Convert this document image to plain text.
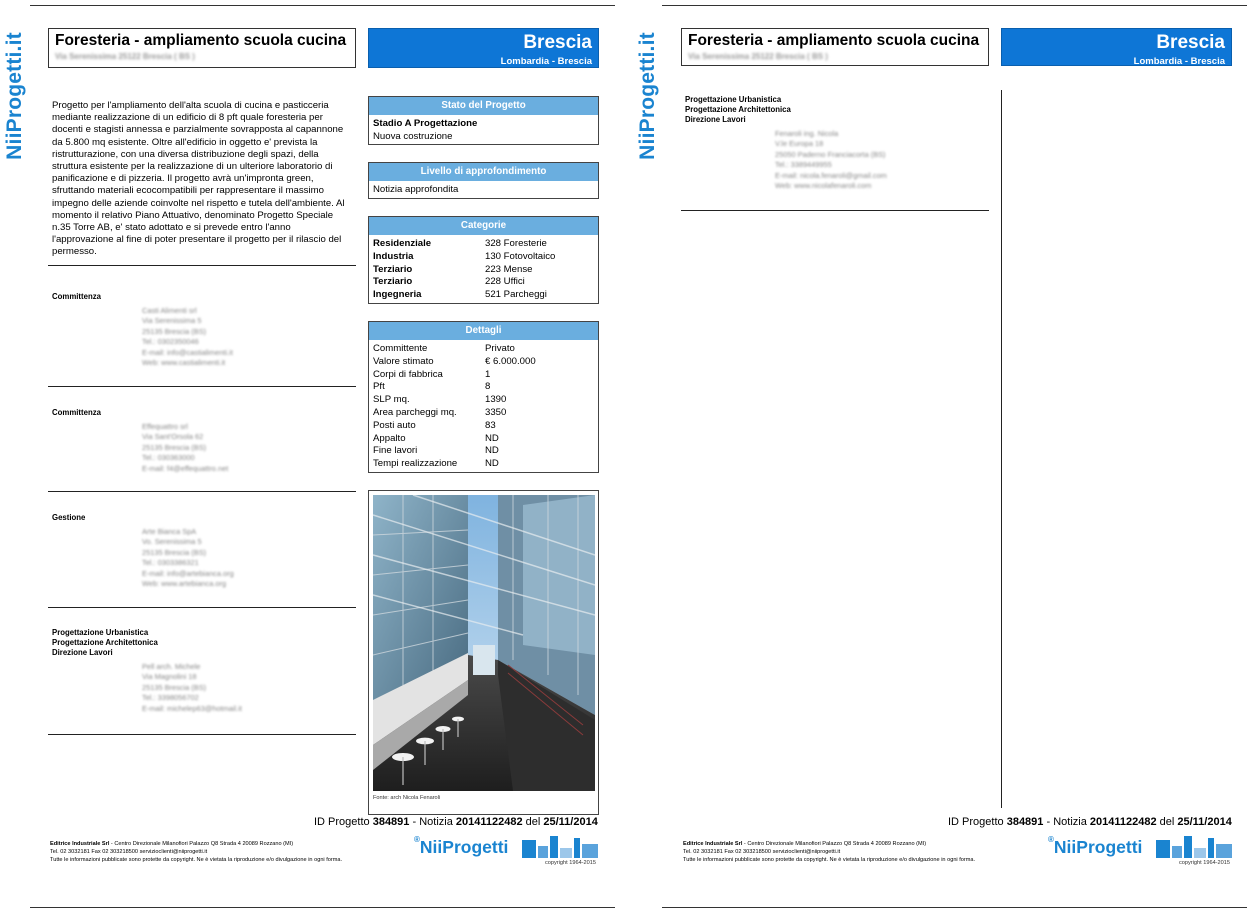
NiiProgetti.it Foresteria - ampliamento scuola cucina
Via Serenissima 25122 Brescia ( BS )
Brescia
Lombardia - Brescia
Progetto per l'ampliamento dell'alta scuola di cucina e pasticceria mediante realizzazione di un edificio di 8 pft quale foresteria per docenti e stagisti annessa e parzialmente sovrapposta al capannone da 5.800 mq esistente. Oltre all'edificio in oggetto e' prevista la ristrutturazione, con una diversa distribuzione degli spazi, della struttura esistente per la realizzazione di un ulteriore laboratorio di panificazione e di pizzeria. Il progetto avrà un'impronta green, sfruttando materiali ecocompatibili per rappresentare il massimo impegno delle aziende coinvolte nel rispetto e tutela dell'ambiente. Al momento il relativo Piano Attuativo, denominato Progetto Speciale n.35 Torre AB, e' stato adottato e si prevede entro l'anno l'approvazione al fine di poter presentare il progetto per il rilascio del permesso.
Committenza
Casti Alimenti srl
Via Serenissima 5
25135 Brescia (BS)
Tel.: 0302350046
E-mail: info@castialimenti.it
Web: www.castialimenti.it
Committenza
Effequattro srl
Via Sant'Orsola 62
25135 Brescia (BS)
Tel.: 030363000
E-mail: f4@effequattro.net
Gestione
Arte Bianca SpA
Vo. Serenissima 5
25135 Brescia (BS)
Tel.: 0303386321
E-mail: info@artebianca.org
Web: www.artebianca.org
Progettazione Urbanistica
Progettazione Architettonica
Direzione Lavori
Pell arch. Michele
Via Magnolini 18
25135 Brescia (BS)
Tel.: 3398056702
E-mail: michelep63@hotmail.it
Stato del Progetto
Stadio A Progettazione
Nuova costruzione
Livello di approfondimento
Notizia approfondita
Categorie
Residenziale	328 Foresterie
Industria	130 Fotovoltaico
Terziario	223 Mense
Terziario	228 Uffici
Ingegneria	521 Parcheggi
Dettagli
Committente	Privato
Valore stimato	€ 6.000.000
Corpi di fabbrica	1
Pft	8
SLP mq.	1390
Area parcheggi mq.	3350
Posti auto	83
Appalto	ND
Fine lavori	ND
Tempi realizzazione	ND
Fonte: arch Nicola Fenaroli
ID Progetto 384891 - Notizia 20141122482 del 25/11/2014
Editrice Industriale Srl - Centro Direzionale Milanofiori Palazzo Q8 Strada 4 20089 Rozzano (MI)
Tel. 02 3032181 Fax 02 303218500 servizioclienti@niiprogetti.it
Tutte le informazioni pubblicate sono protette da copyright. Ne è vietata la riproduzione e/o divulgazione in ogni forma.
®NiiProgetti
copyright 1964-2015
NiiProgetti.it Foresteria - ampliamento scuola cucina
Via Serenissima 25122 Brescia ( BS )
Brescia
Lombardia - Brescia
Progettazione Urbanistica
Progettazione Architettonica
Direzione Lavori
Fenaroli ing. Nicola
V.le Europa 18
25050 Paderno Franciacorta (BS)
Tel.: 3389449955
E-mail: nicola.fenaroli@gmail.com
Web: www.nicolafenaroli.com
ID Progetto 384891 - Notizia 20141122482 del 25/11/2014
Editrice Industriale Srl - Centro Direzionale Milanofiori Palazzo Q8 Strada 4 20089 Rozzano (MI)
Tel. 02 3032181 Fax 02 303218500 servizioclienti@niiprogetti.it
Tutte le informazioni pubblicate sono protette da copyright. Ne è vietata la riproduzione e/o divulgazione in ogni forma.
®NiiProgetti
copyright 1964-2015
